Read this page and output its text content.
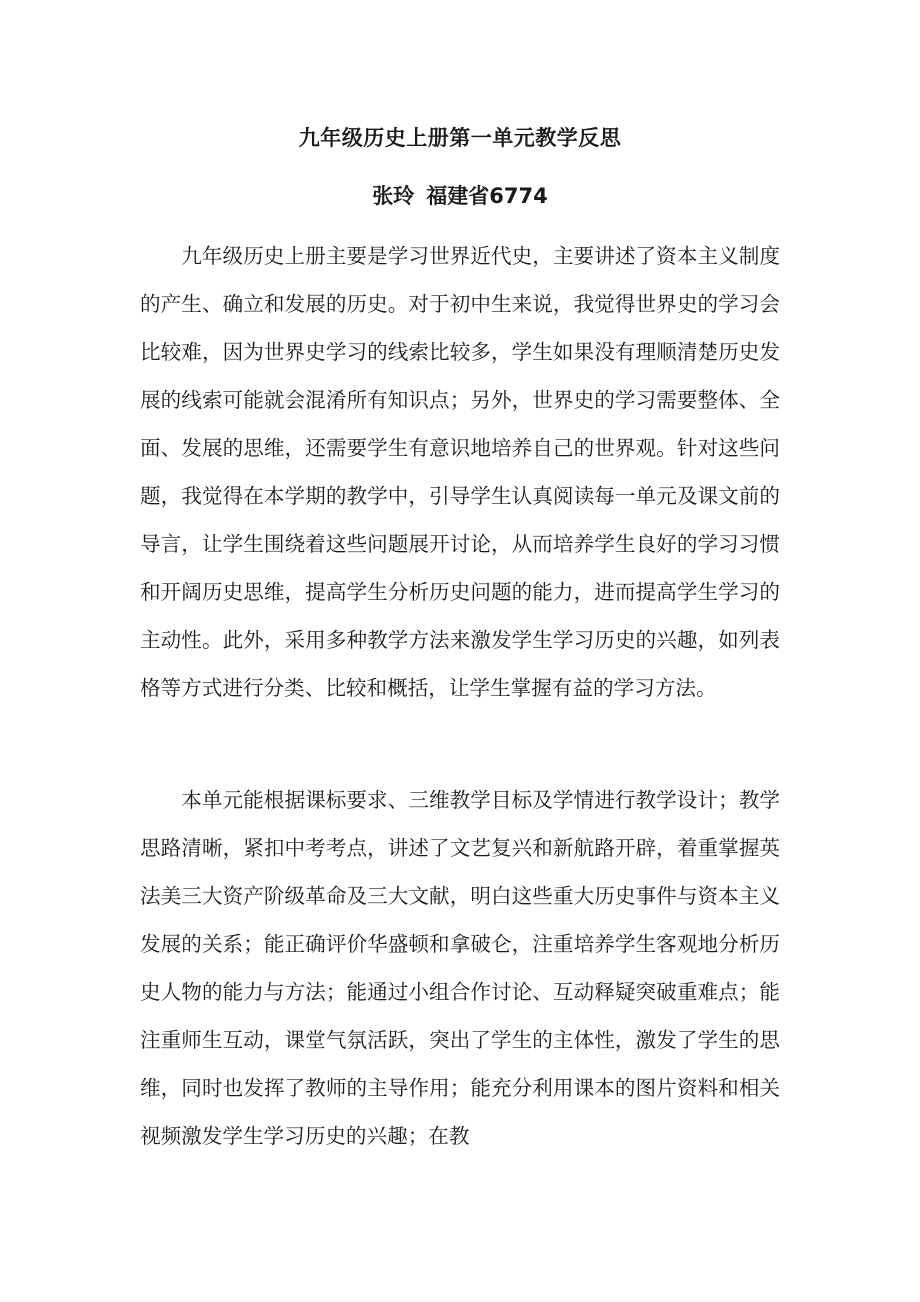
九年级历史上册第一单元教学反思
张玲 福建省6774

九年级历史上册主要是学习世界近代史，主要讲述了资本主义制度的产生、确立和发展的历史。对于初中生来说，我觉得世界史的学习会比较难，因为世界史学习的线索比较多，学生如果没有理顺清楚历史发展的线索可能就会混淆所有知识点；另外，世界史的学习需要整体、全面、发展的思维，还需要学生有意识地培养自己的世界观。针对这些问题，我觉得在本学期的教学中，引导学生认真阅读每一单元及课文前的导言，让学生围绕着这些问题展开讨论，从而培养学生良好的学习习惯和开阔历史思维，提高学生分析历史问题的能力，进而提高学生学习的主动性。此外，采用多种教学方法来激发学生学习历史的兴趣，如列表格等方式进行分类、比较和概括，让学生掌握有益的学习方法。

本单元能根据课标要求、三维教学目标及学情进行教学设计；教学思路清晰，紧扣中考考点，讲述了文艺复兴和新航路开辟，着重掌握英法美三大资产阶级革命及三大文献，明白这些重大历史事件与资本主义发展的关系；能正确评价华盛顿和拿破仑，注重培养学生客观地分析历史人物的能力与方法；能通过小组合作讨论、互动释疑突破重难点；能注重师生互动，课堂气氛活跃，突出了学生的主体性，激发了学生的思维，同时也发挥了教师的主导作用；能充分利用课本的图片资料和相关视频激发学生学习历史的兴趣；在教
